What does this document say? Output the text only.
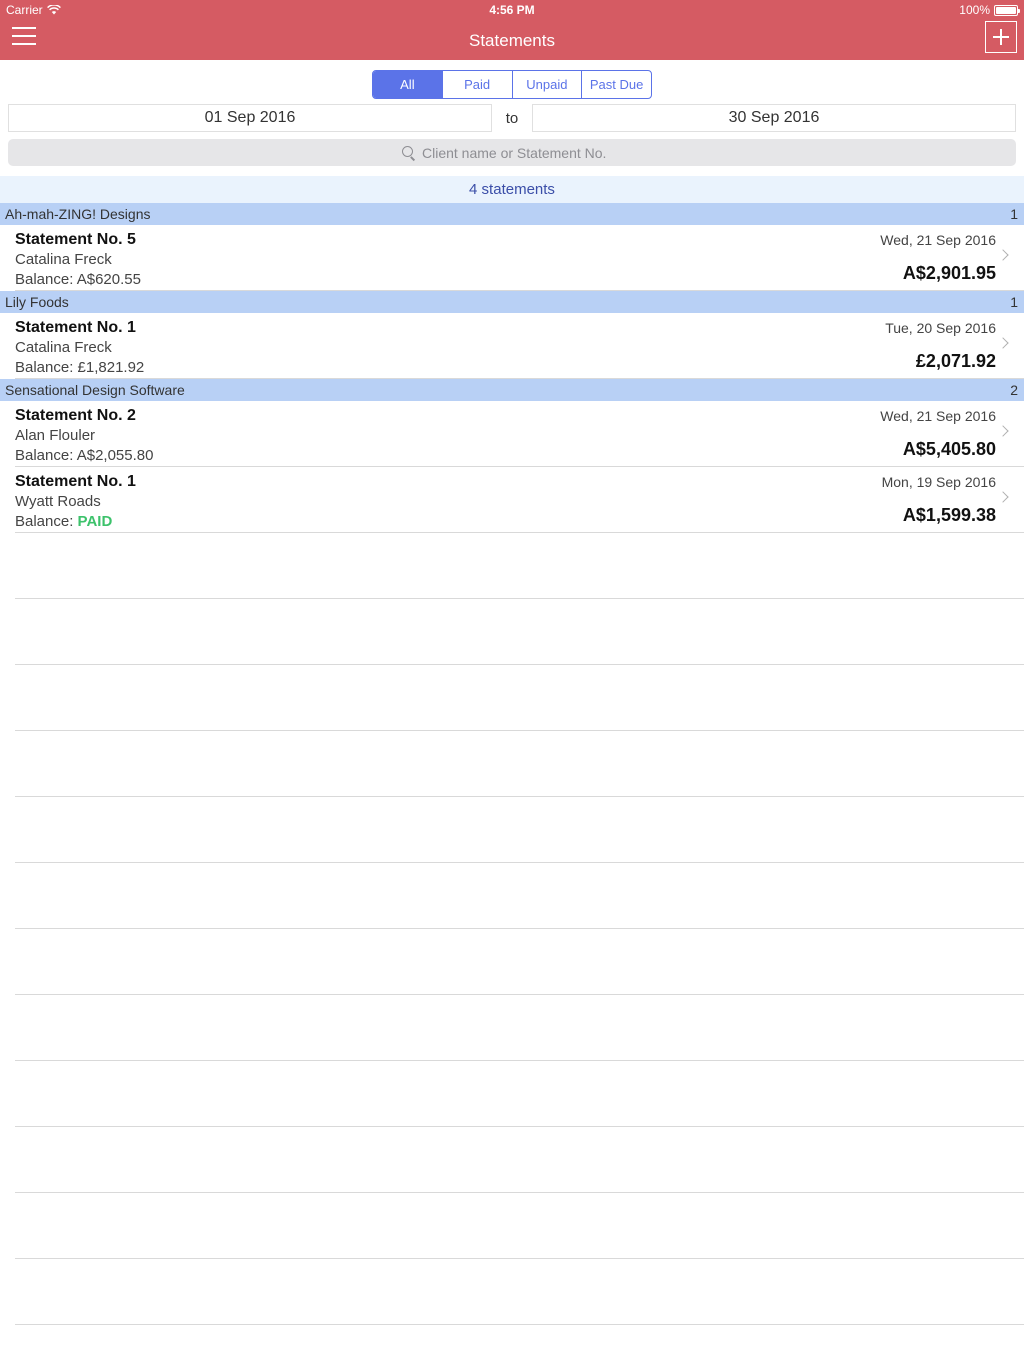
Carrier	4:56 PM	100%
Statements
All	Paid	Unpaid	Past Due
01 Sep 2016	to	30 Sep 2016
Client name or Statement No.
4 statements
Ah-mah-ZING! Designs	1
Statement No. 5
Catalina Freck
Balance: A$620.55
Wed, 21 Sep 2016
A$2,901.95
Lily Foods	1
Statement No. 1
Catalina Freck
Balance: £1,821.92
Tue, 20 Sep 2016
£2,071.92
Sensational Design Software	2
Statement No. 2
Alan Flouler
Balance: A$2,055.80
Wed, 21 Sep 2016
A$5,405.80
Statement No. 1
Wyatt Roads
Balance: PAID
Mon, 19 Sep 2016
A$1,599.38
